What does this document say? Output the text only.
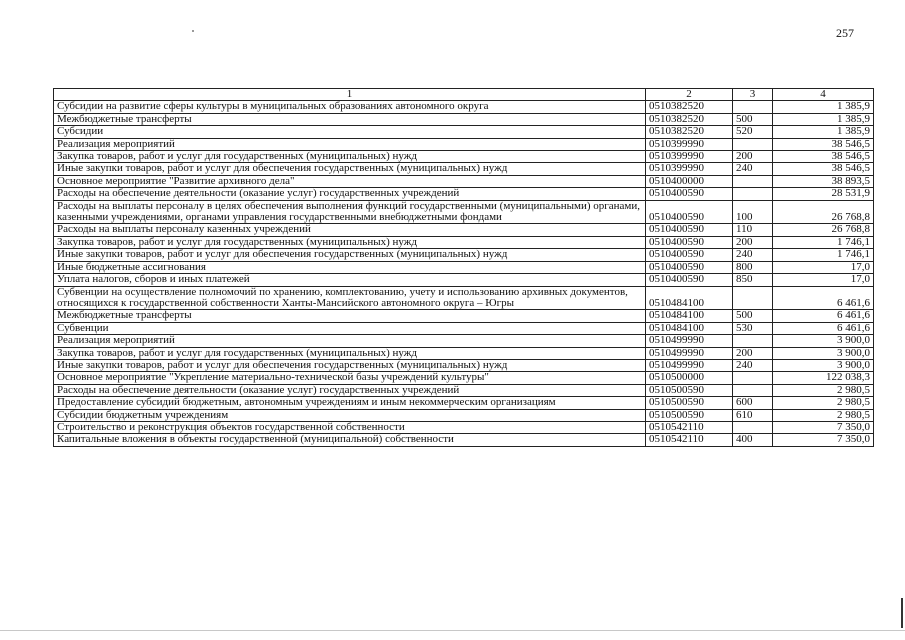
257
1	2	3	4
Субсидии на развитие сферы культуры в муниципальных образованиях автономного округа	0510382520		1 385,9
Межбюджетные трансферты	0510382520	500	1 385,9
Субсидии	0510382520	520	1 385,9
Реализация мероприятий	0510399990		38 546,5
Закупка товаров, работ и услуг для государственных (муниципальных) нужд	0510399990	200	38 546,5
Иные закупки товаров, работ и услуг для обеспечения государственных (муниципальных) нужд	0510399990	240	38 546,5
Основное мероприятие "Развитие архивного дела"	0510400000		38 893,5
Расходы на обеспечение деятельности (оказание услуг) государственных учреждений	0510400590		28 531,9
Расходы на выплаты персоналу в целях обеспечения выполнения функций государственными (муниципальными) органами, казенными учреждениями, органами управления государственными внебюджетными фондами	0510400590	100	26 768,8
Расходы на выплаты персоналу казенных учреждений	0510400590	110	26 768,8
Закупка товаров, работ и услуг для государственных (муниципальных) нужд	0510400590	200	1 746,1
Иные закупки товаров, работ и услуг для обеспечения государственных (муниципальных) нужд	0510400590	240	1 746,1
Иные бюджетные ассигнования	0510400590	800	17,0
Уплата налогов, сборов и иных платежей	0510400590	850	17,0
Субвенции на осуществление полномочий по хранению, комплектованию, учету и использованию архивных документов, относящихся к государственной собственности Ханты-Мансийского автономного округа – Югры	0510484100		6 461,6
Межбюджетные трансферты	0510484100	500	6 461,6
Субвенции	0510484100	530	6 461,6
Реализация мероприятий	0510499990		3 900,0
Закупка товаров, работ и услуг для государственных (муниципальных) нужд	0510499990	200	3 900,0
Иные закупки товаров, работ и услуг для обеспечения государственных (муниципальных) нужд	0510499990	240	3 900,0
Основное мероприятие "Укрепление материально-технической базы учреждений культуры"	0510500000		122 038,3
Расходы на обеспечение деятельности (оказание услуг) государственных учреждений	0510500590		2 980,5
Предоставление субсидий бюджетным, автономным учреждениям и иным некоммерческим организациям	0510500590	600	2 980,5
Субсидии бюджетным учреждениям	0510500590	610	2 980,5
Строительство и реконструкция объектов государственной собственности	0510542110		7 350,0
Капитальные вложения в объекты государственной (муниципальной) собственности	0510542110	400	7 350,0
